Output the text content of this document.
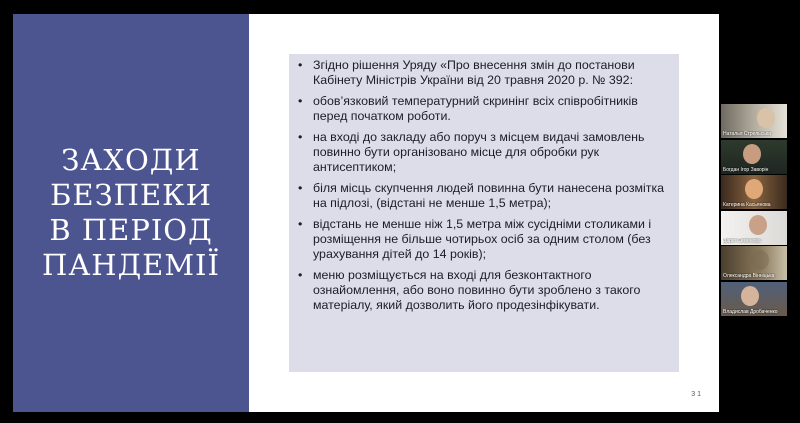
ЗАХОДИ
БЕЗПЕКИ
В ПЕРІОД
ПАНДЕМІЇ
• Згідно рішення Уряду «Про внесення змін до постанови Кабінету Міністрів України від 20 травня 2020 р. № 392:
• обов’язковий температурний скринінг всіх співробітників перед початком роботи.
• на вході до закладу або поруч з місцем видачі замовлень повинно бути організовано місце для обробки рук антисептиком;
• біля місць скупчення людей повинна бути нанесена розмітка на підлозі, (відстані не менше 1,5 метра);
• відстань не менше ніж 1,5 метра між сусідніми столиками і розміщення не більше чотирьох осіб за одним столом (без урахування дітей до 14 років);
• меню розміщується на вході для безконтактного ознайомлення, або воно повинно бути зроблено з такого матеріалу, який дозволить його продезінфікувати.
3 1
Наталья Стрельська
Богдан Ігор Заворін
Катерина Касьянова
Дарія Семенова
Олександра Вінніцька
Владислав Дробаченко
